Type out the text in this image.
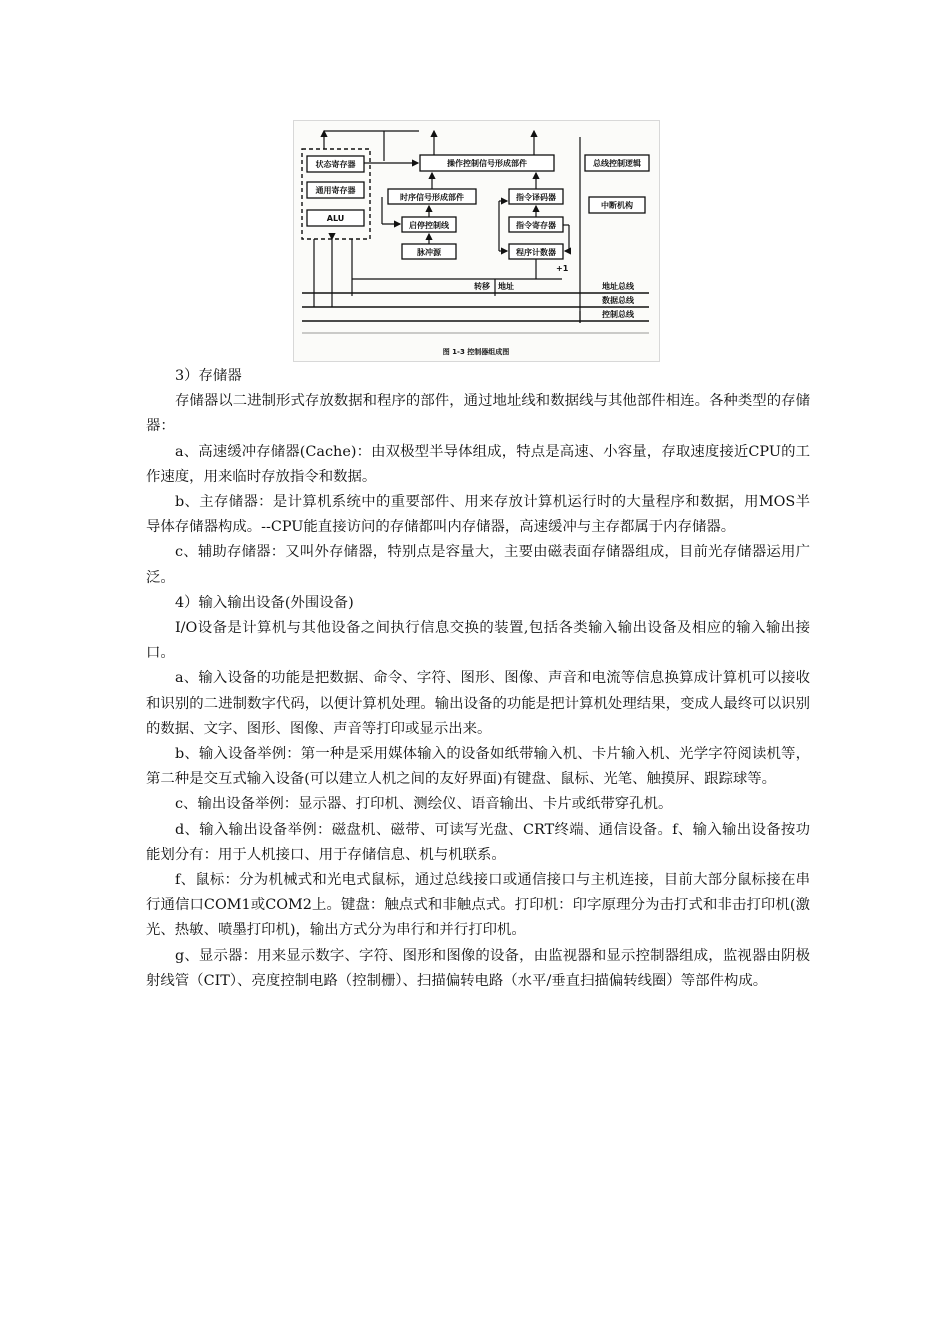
状态寄存器
通用寄存器
ALU
操作控制信号形成部件
时序信号形成部件
启停控制线
脉冲源
指令译码器
指令寄存器
程序计数器
总线控制逻辑
中断机构
+1
转移 地址	地址总线
数据总线
控制总线
图 1-3 控制器组成图

3）存储器

存储器以二进制形式存放数据和程序的部件，通过地址线和数据线与其他部件相连。各种类型的存储器：

a、高速缓冲存储器(Cache)：由双极型半导体组成，特点是高速、小容量，存取速度接近CPU的工作速度，用来临时存放指令和数据。

b、主存储器：是计算机系统中的重要部件、用来存放计算机运行时的大量程序和数据，用MOS半导体存储器构成。--CPU能直接访问的存储都叫内存储器，高速缓冲与主存都属于内存储器。

c、辅助存储器：又叫外存储器，特别点是容量大，主要由磁表面存储器组成，目前光存储器运用广泛。

4）输入输出设备(外围设备)

I/O设备是计算机与其他设备之间执行信息交换的装置,包括各类输入输出设备及相应的输入输出接口。

a、输入设备的功能是把数据、命令、字符、图形、图像、声音和电流等信息换算成计算机可以接收和识别的二进制数字代码，以便计算机处理。输出设备的功能是把计算机处理结果，变成人最终可以识别的数据、文字、图形、图像、声音等打印或显示出来。

b、输入设备举例：第一种是采用媒体输入的设备如纸带输入机、卡片输入机、光学字符阅读机等，第二种是交互式输入设备(可以建立人机之间的友好界面)有键盘、鼠标、光笔、触摸屏、跟踪球等。

c、输出设备举例：显示器、打印机、测绘仪、语音输出、卡片或纸带穿孔机。

d、输入输出设备举例：磁盘机、磁带、可读写光盘、CRT终端、通信设备。f、输入输出设备按功能划分有：用于人机接口、用于存储信息、机与机联系。

f、鼠标：分为机械式和光电式鼠标，通过总线接口或通信接口与主机连接，目前大部分鼠标接在串行通信口COM1或COM2上。键盘：触点式和非触点式。打印机：印字原理分为击打式和非击打印机(激光、热敏、喷墨打印机)，输出方式分为串行和并行打印机。

g、显示器：用来显示数字、字符、图形和图像的设备，由监视器和显示控制器组成，监视器由阴极射线管（CIT）、亮度控制电路（控制栅）、扫描偏转电路（水平/垂直扫描偏转线圈）等部件构成。
